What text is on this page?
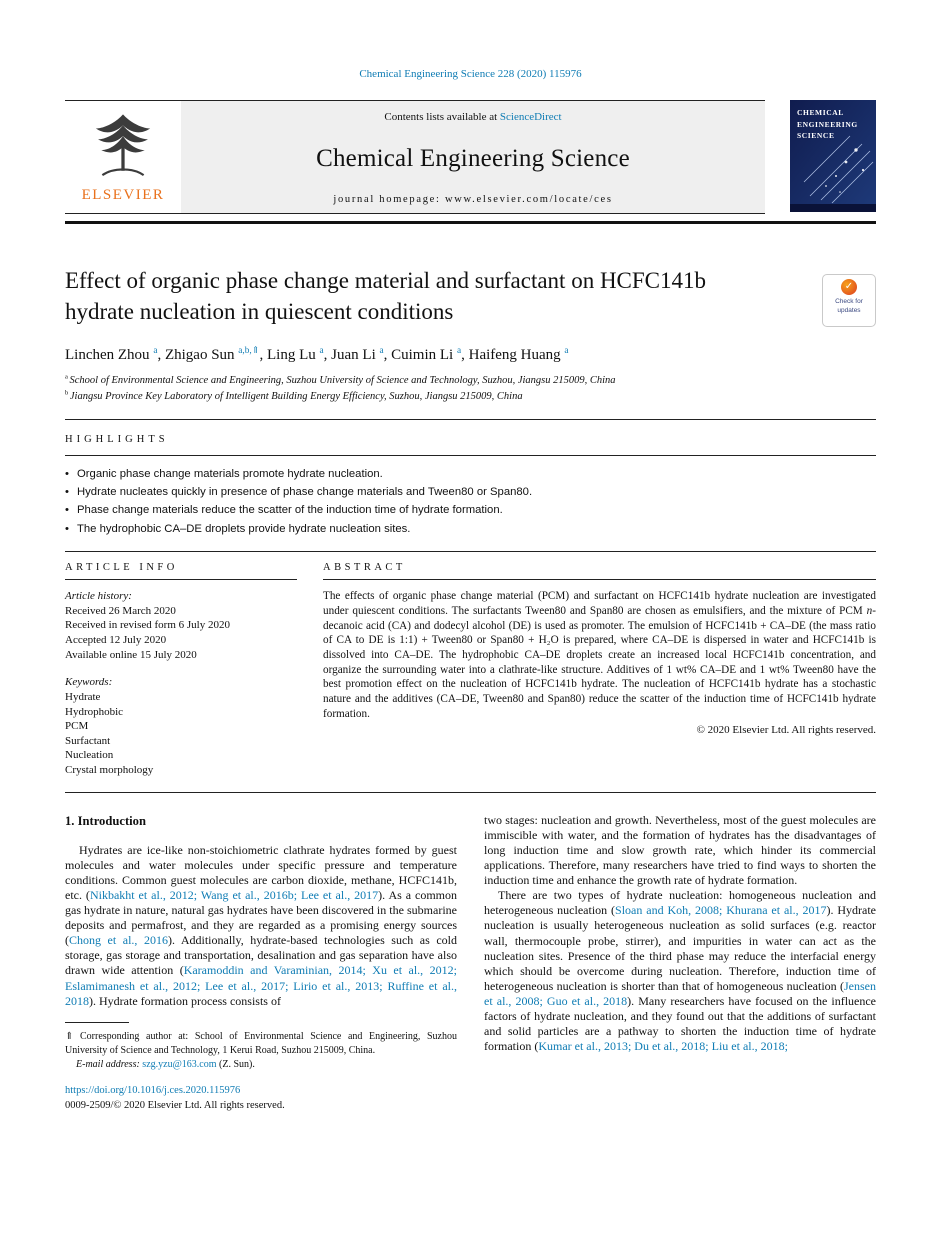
Chemical Engineering Science 228 (2020) 115976
ELSEVIER
Contents lists available at ScienceDirect
Chemical Engineering Science
journal homepage: www.elsevier.com/locate/ces
CHEMICAL
ENGINEERING
SCIENCE
Effect of organic phase change material and surfactant on HCFC141b hydrate nucleation in quiescent conditions
✓
Check for updates
Linchen Zhou $^a$, Zhigao Sun $^{a,b,⇑}$, Ling Lu $^a$, Juan Li $^a$, Cuimin Li $^a$, Haifeng Huang $^a$
$^a$ School of Environmental Science and Engineering, Suzhou University of Science and Technology, Suzhou, Jiangsu 215009, China
$^b$ Jiangsu Province Key Laboratory of Intelligent Building Energy Efficiency, Suzhou, Jiangsu 215009, China
HIGHLIGHTS
• Organic phase change materials promote hydrate nucleation.
• Hydrate nucleates quickly in presence of phase change materials and Tween80 or Span80.
• Phase change materials reduce the scatter of the induction time of hydrate formation.
• The hydrophobic CA–DE droplets provide hydrate nucleation sites.
ARTICLE INFO
Article history:

Received 26 March 2020

Received in revised form 6 July 2020

Accepted 12 July 2020

Available online 15 July 2020

Keywords:

Hydrate

Hydrophobic

PCM

Surfactant

Nucleation

Crystal morphology

ABSTRACT
The effects of organic phase change material (PCM) and surfactant on HCFC141b hydrate nucleation are investigated under quiescent conditions. The surfactants Tween80 and Span80 are chosen as emulsifiers, and the mixture of PCM n-decanoic acid (CA) and dodecyl alcohol (DE) is used as promoter. The emulsion of HCFC141b + CA–DE (the mass ratio of CA to DE is 1:1) + Tween80 or Span80 + H₂O is prepared, where CA–DE is dispersed in water and HCFC141b is dissolved into CA–DE. The hydrophobic CA–DE droplets create an increased local HCFC141b concentration, and organize the surrounding water into a clathrate-like structure. Additives of 1 wt% CA–DE and 1 wt% Tween80 have the best promotion effect on the nucleation of HCFC141b hydrate. The nucleation of HCFC141b hydrate has a stochastic nature and the additives (CA–DE, Tween80 and Span80) reduce the scatter of the induction time of HCFC141b hydrate formation.
© 2020 Elsevier Ltd. All rights reserved.
1. Introduction

Hydrates are ice-like non-stoichiometric clathrate hydrates formed by guest molecules and water molecules under specific pressure and temperature conditions. Common guest molecules are carbon dioxide, methane, HCFC141b, etc. (Nikbakht et al., 2012; Wang et al., 2016b; Lee et al., 2017). As a common gas hydrate in nature, natural gas hydrates have been discovered in the submarine deposits and permafrost, and they are regarded as a promising energy sources (Chong et al., 2016). Additionally, hydrate-based technologies such as cold storage, gas storage and transportation, desalination and gas separation have also drawn wide attention (Karamoddin and Varaminian, 2014; Xu et al., 2012; Eslamimanesh et al., 2012; Lee et al., 2017; Lirio et al., 2013; Ruffine et al., 2018). Hydrate formation process consists of

⇑ Corresponding author at: School of Environmental Science and Engineering, Suzhou University of Science and Technology, 1 Kerui Road, Suzhou 215009, China.
E-mail address: szg.yzu@163.com (Z. Sun).
https://doi.org/10.1016/j.ces.2020.115976
0009-2509/© 2020 Elsevier Ltd. All rights reserved.

two stages: nucleation and growth. Nevertheless, most of the guest molecules are immiscible with water, and the formation of hydrates has the disadvantages of long induction time and slow growth rate, which hinder its commercial applications. Therefore, many researchers have tried to find ways to shorten the induction time and enhance the growth rate of hydrate formation.

There are two types of hydrate nucleation: homogeneous nucleation and heterogeneous nucleation (Sloan and Koh, 2008; Khurana et al., 2017). Hydrate nucleation is usually heterogeneous nucleation as solid surfaces (e.g. reactor wall, thermocouple probe, stirrer), and impurities in water can act as the nucleation sites. Presence of the third phase may reduce the interfacial energy which should be overcome during nucleation. Therefore, induction time of heterogeneous nucleation is shorter than that of homogeneous nucleation (Jensen et al., 2008; Guo et al., 2018). Many researchers have focused on the influence factors of hydrate nucleation, and they found out that the additions of surfactant and solid particles are a pathway to shorten the induction time of hydrate formation (Kumar et al., 2013; Du et al., 2018; Liu et al., 2018;
